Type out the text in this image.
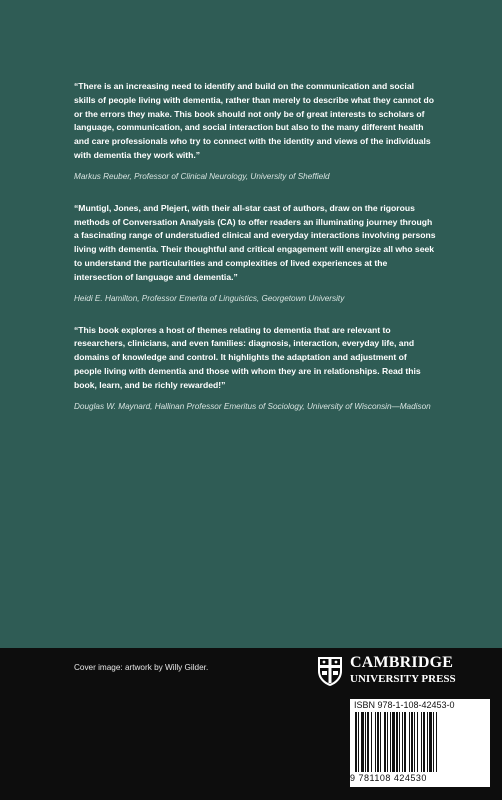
“There is an increasing need to identify and build on the communication and social skills of people living with dementia, rather than merely to describe what they cannot do or the errors they make. This book should not only be of great interests to scholars of language, communication, and social interaction but also to the many different health and care professionals who try to connect with the identity and views of the individuals with dementia they work with.”

Markus Reuber, Professor of Clinical Neurology, University of Sheffield

“Muntigl, Jones, and Plejert, with their all-star cast of authors, draw on the rigorous methods of Conversation Analysis (CA) to offer readers an illuminating journey through a fascinating range of understudied clinical and everyday interactions involving persons living with dementia. Their thoughtful and critical engagement will energize all who seek to understand the particularities and complexities of lived experiences at the intersection of language and dementia.”

Heidi E. Hamilton, Professor Emerita of Linguistics, Georgetown University

“This book explores a host of themes relating to dementia that are relevant to researchers, clinicians, and even families: diagnosis, interaction, everyday life, and domains of knowledge and control. It highlights the adaptation and adjustment of people living with dementia and those with whom they are in relationships. Read this book, learn, and be richly rewarded!”

Douglas W. Maynard, Hallinan Professor Emeritus of Sociology, University of Wisconsin—Madison

Cover image: artwork by Willy Gilder.	CAMBRIDGE
UNIVERSITY PRESS
ISBN 978-1-108-42453-0
9 781108 424530
